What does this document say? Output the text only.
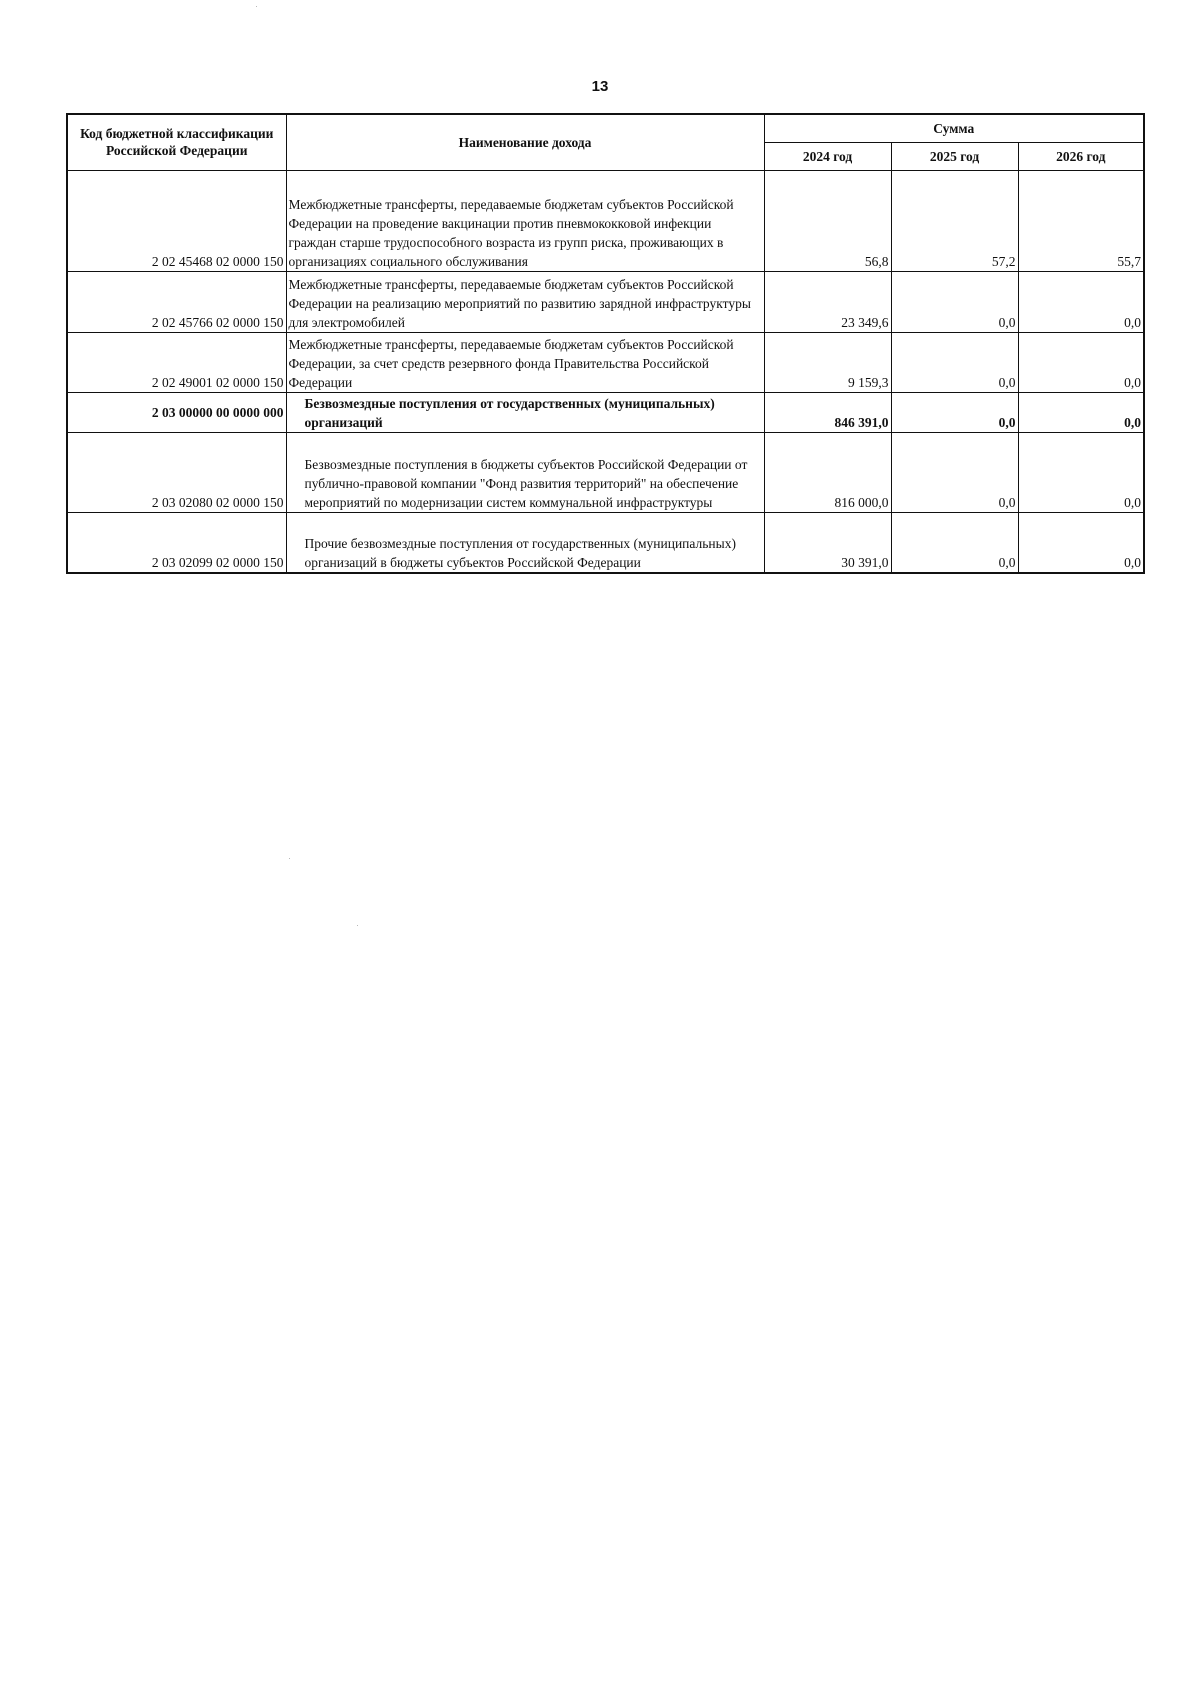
13
Код бюджетной классификации Российской Федерации	Наименование дохода	Сумма		
		2024 год	2025 год	2026 год
2 02 45468 02 0000 150	Межбюджетные трансферты, передаваемые бюджетам субъектов Российской Федерации на проведение вакцинации против пневмококковой инфекции граждан старше трудоспособного возраста из групп риска, проживающих в организациях социального обслуживания	56,8	57,2	55,7
2 02 45766 02 0000 150	Межбюджетные трансферты, передаваемые бюджетам субъектов Российской Федерации на реализацию мероприятий по развитию зарядной инфраструктуры для электромобилей	23 349,6	0,0	0,0
2 02 49001 02 0000 150	Межбюджетные трансферты, передаваемые бюджетам субъектов Российской Федерации, за счет средств резервного фонда Правительства Российской Федерации	9 159,3	0,0	0,0
2 03 00000 00 0000 000	Безвозмездные поступления от государственных (муниципальных) организаций	846 391,0	0,0	0,0
2 03 02080 02 0000 150	Безвозмездные поступления в бюджеты субъектов Российской Федерации от публично-правовой компании "Фонд развития территорий" на обеспечение мероприятий по модернизации систем коммунальной инфраструктуры	816 000,0	0,0	0,0
2 03 02099 02 0000 150	Прочие безвозмездные поступления от государственных (муниципальных) организаций в бюджеты субъектов Российской Федерации	30 391,0	0,0	0,0
